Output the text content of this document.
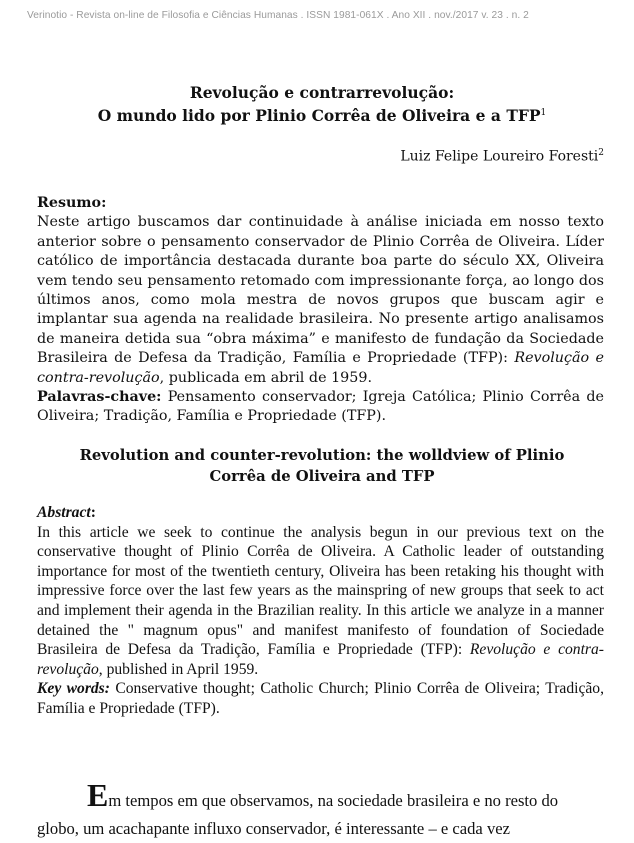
Verinotio - Revista on-line de Filosofia e Ciências Humanas . ISSN 1981-061X . Ano XII . nov./2017 v. 23 . n. 2
Revolução e contrarrevolução:
O mundo lido por Plinio Corrêa de Oliveira e a TFP$^1$
Luiz Felipe Loureiro Foresti$^2$
Resumo:
Neste artigo buscamos dar continuidade à análise iniciada em nosso texto anterior sobre o pensamento conservador de Plinio Corrêa de Oliveira. Líder católico de importância destacada durante boa parte do século XX, Oliveira vem tendo seu pensamento retomado com impressionante força, ao longo dos últimos anos, como mola mestra de novos grupos que buscam agir e implantar sua agenda na realidade brasileira. No presente artigo analisamos de maneira detida sua “obra máxima” e manifesto de fundação da Sociedade Brasileira de Defesa da Tradição, Família e Propriedade (TFP): Revolução e contra-revolução, publicada em abril de 1959.
Palavras-chave: Pensamento conservador; Igreja Católica; Plinio Corrêa de Oliveira; Tradição, Família e Propriedade (TFP).
Revolution and counter-revolution: the wolldview of Plinio
Corrêa de Oliveira and TFP
Abstract:
In this article we seek to continue the analysis begun in our previous text on the conservative thought of Plinio Corrêa de Oliveira. A Catholic leader of outstanding importance for most of the twentieth century, Oliveira has been retaking his thought with impressive force over the last few years as the mainspring of new groups that seek to act and implement their agenda in the Brazilian reality. In this article we analyze in a manner detained the " magnum opus" and manifest manifesto of foundation of Sociedade Brasileira de Defesa da Tradição, Família e Propriedade (TFP): Revolução e contra-revolução, published in April 1959.
Key words: Conservative thought; Catholic Church; Plinio Corrêa de Oliveira; Tradição, Família e Propriedade (TFP).
Em tempos em que observamos, na sociedade brasileira e no resto do globo, um acachapante influxo conservador, é interessante – e cada vez
